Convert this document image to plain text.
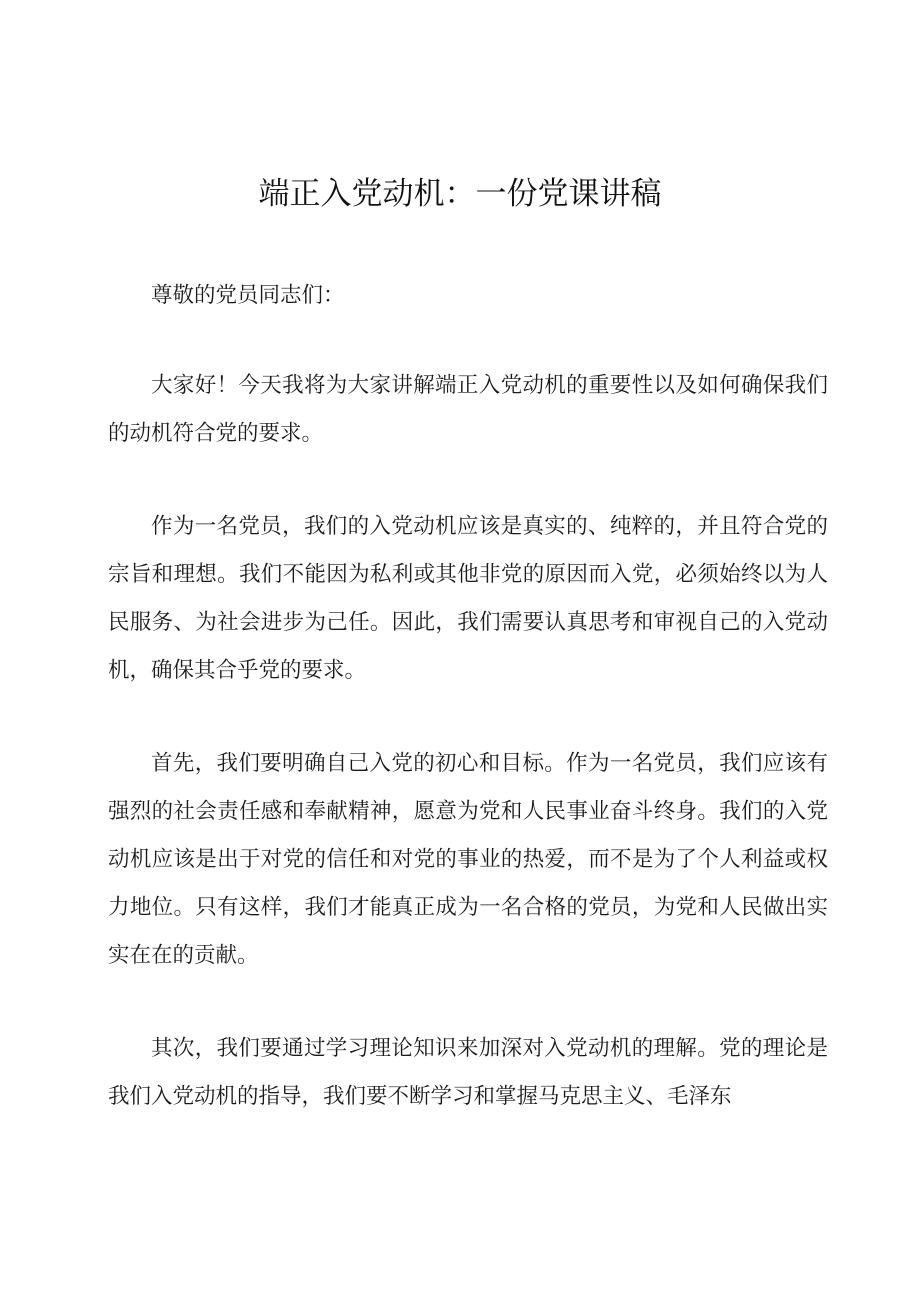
端正入党动机：一份党课讲稿

尊敬的党员同志们：

大家好！今天我将为大家讲解端正入党动机的重要性以及如何确保我们的动机符合党的要求。

作为一名党员，我们的入党动机应该是真实的、纯粹的，并且符合党的宗旨和理想。我们不能因为私利或其他非党的原因而入党，必须始终以为人民服务、为社会进步为己任。因此，我们需要认真思考和审视自己的入党动机，确保其合乎党的要求。

首先，我们要明确自己入党的初心和目标。作为一名党员，我们应该有强烈的社会责任感和奉献精神，愿意为党和人民事业奋斗终身。我们的入党动机应该是出于对党的信任和对党的事业的热爱，而不是为了个人利益或权力地位。只有这样，我们才能真正成为一名合格的党员，为党和人民做出实实在在的贡献。

其次，我们要通过学习理论知识来加深对入党动机的理解。党的理论是我们入党动机的指导，我们要不断学习和掌握马克思主义、毛泽东
